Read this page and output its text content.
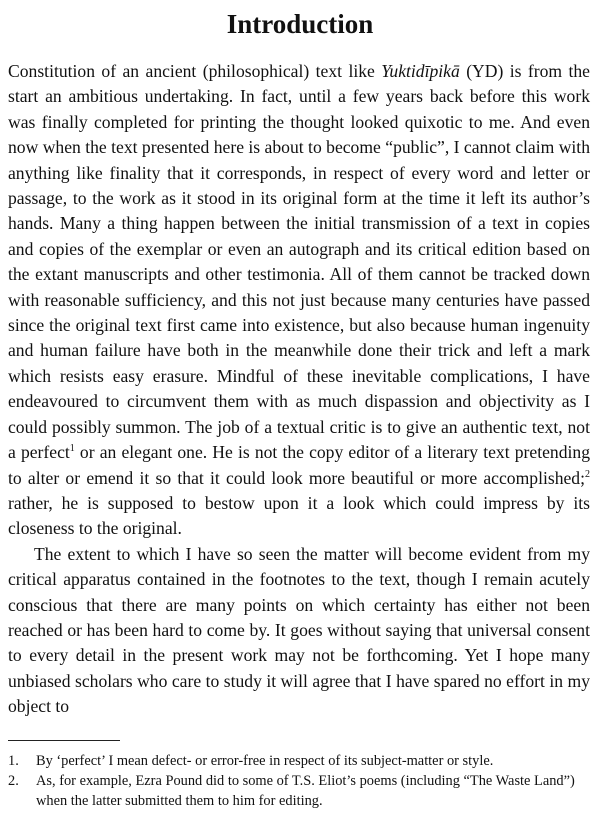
Introduction

Constitution of an ancient (philosophical) text like Yuktidīpikā (YD) is from the start an ambitious undertaking. In fact, until a few years back before this work was finally completed for printing the thought looked quixotic to me. And even now when the text presented here is about to become “public”, I cannot claim with anything like finality that it corresponds, in respect of every word and letter or passage, to the work as it stood in its original form at the time it left its author’s hands. Many a thing happen between the initial transmission of a text in copies and copies of the exemplar or even an autograph and its critical edition based on the extant manuscripts and other testimonia. All of them cannot be tracked down with reasonable sufficiency, and this not just because many centuries have passed since the original text first came into existence, but also because human ingenuity and human failure have both in the meanwhile done their trick and left a mark which resists easy erasure. Mindful of these inevitable complications, I have endeavoured to circumvent them with as much dispassion and objectivity as I could possibly summon. The job of a textual critic is to give an authentic text, not a perfect$^1$ or an elegant one. He is not the copy editor of a literary text pretending to alter or emend it so that it could look more beautiful or more accomplished;$^2$ rather, he is supposed to bestow upon it a look which could impress by its closeness to the original.

The extent to which I have so seen the matter will become evident from my critical apparatus contained in the footnotes to the text, though I remain acutely conscious that there are many points on which certainty has either not been reached or has been hard to come by. It goes without saying that universal consent to every detail in the present work may not be forthcoming. Yet I hope many unbiased scholars who care to study it will agree that I have spared no effort in my object to

1.	By ‘perfect’ I mean defect- or error-free in respect of its subject-matter or style.
2.	As, for example, Ezra Pound did to some of T.S. Eliot’s poems (including “The Waste Land”) when the latter submitted them to him for editing.
